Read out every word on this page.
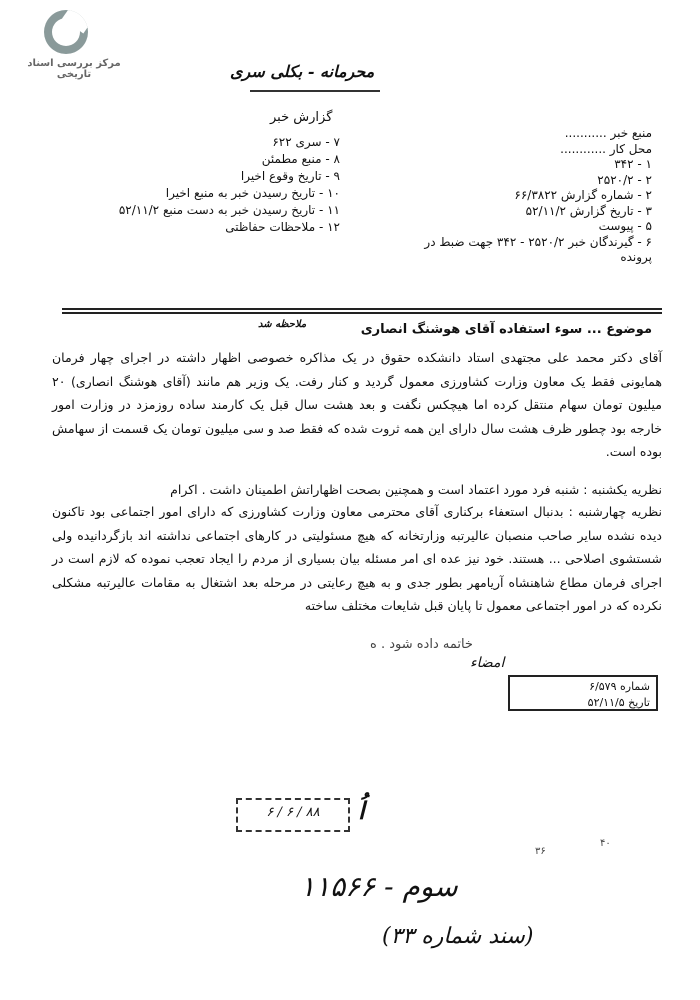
مرکز بررسی اسناد تاریخی	محرمانه - بکلی سری
گزارش خبر
منبع خبر ...........
محل کار ............
۱ - ۳۴۲
۲ - ۲۵۲۰/۲
۲ - شماره گزارش ۶۶/۳۸۲۲
۳ - تاریخ گزارش ۵۲/۱۱/۲
۵ - پیوست
۶ - گیرندگان خبر ۲۵۲۰/۲ - ۳۴۲ جهت ضبط در پرونده
۷ - سری ۶۲۲
۸ - منبع مطمئن
۹ - تاریخ وقوع اخیرا
۱۰ - تاریخ رسیدن خبر به منبع اخیرا
۱۱ - تاریخ رسیدن خبر به دست منبع ۵۲/۱۱/۲
۱۲ - ملاحظات حفاظتی
موضوع ... سوء استفاده آقای هوشنگ انصاری
ملاحظه شد
آقای دکتر محمد علی مجتهدی استاد دانشکده حقوق در یک مذاکره خصوصی اظهار داشته در اجرای چهار فرمان همایونی فقط یک معاون وزارت کشاورزی معمول گردید و کنار رفت. یک وزیر هم مانند (آقای هوشنگ انصاری) ۲۰ میلیون تومان سهام منتقل کرده اما هیچکس نگفت و بعد هشت سال قبل یک کارمند ساده روزمزد در وزارت امور خارجه بود چطور ظرف هشت سال دارای این همه ثروت شده که فقط صد و سی میلیون تومان یک قسمت از سهامش بوده است.
نظریه یکشنبه : شنبه فرد مورد اعتماد است و همچنین بصحت اظهاراتش اطمینان داشت . اکرام
نظریه چهارشنبه : بدنبال استعفاء برکناری آقای محترمی معاون وزارت کشاورزی که دارای امور اجتماعی بود تاکنون دیده نشده سایر صاحب منصبان عالیرتبه وزارتخانه که هیچ مسئولیتی در کارهای اجتماعی نداشته اند بازگردانیده ولی شستشوی اصلاحی ... هستند. خود نیز عده ای امر مسئله بیان بسیاری از مردم را ایجاد تعجب نموده که لازم است در اجرای فرمان مطاع شاهنشاه آریامهر بطور جدی و به هیچ رعایتی در مرحله بعد اشتغال به مقامات عالیرتبه مشکلی نکرده که در امور اجتماعی معمول تا پایان قبل شایعات مختلف ساخته
خاتمه داده شود . ه
امضاء
شماره ۶/۵۷۹
تاریخ ۵۲/۱۱/۵
۶ / ۶ / ۸۸	اُ
۴۰
۳۶
سوم - ۱۱۵۶۶
(سند شماره ۳۳)
